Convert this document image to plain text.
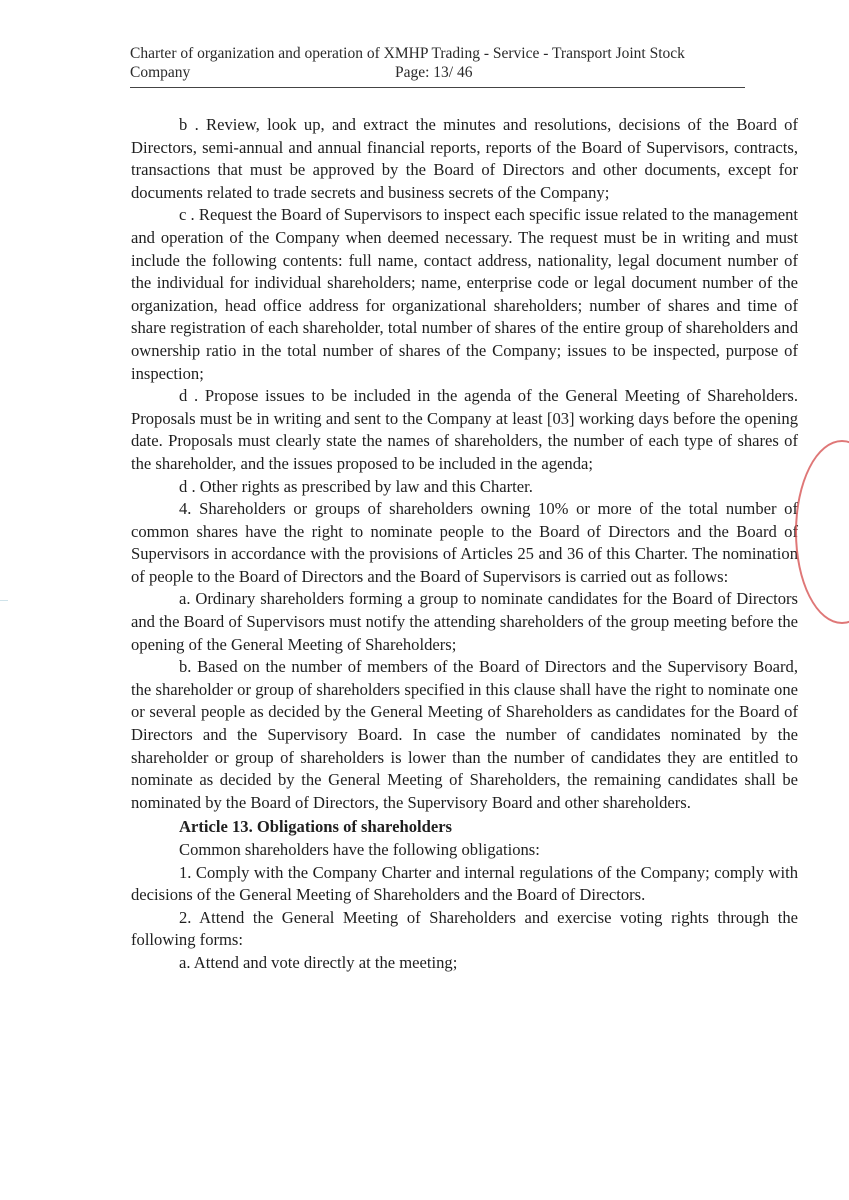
Charter of organization and operation of XMHP Trading - Service - Transport Joint Stock
Company	Page: 13/ 46

b . Review, look up, and extract the minutes and resolutions, decisions of the Board of Directors, semi-annual and annual financial reports, reports of the Board of Supervisors, contracts, transactions that must be approved by the Board of Directors and other documents, except for documents related to trade secrets and business secrets of the Company;

c . Request the Board of Supervisors to inspect each specific issue related to the management and operation of the Company when deemed necessary. The request must be in writing and must include the following contents: full name, contact address, nationality, legal document number of the individual for individual shareholders; name, enterprise code or legal document number of the organization, head office address for organizational shareholders; number of shares and time of share registration of each shareholder, total number of shares of the entire group of shareholders and ownership ratio in the total number of shares of the Company; issues to be inspected, purpose of inspection;

d . Propose issues to be included in the agenda of the General Meeting of Shareholders. Proposals must be in writing and sent to the Company at least [03] working days before the opening date. Proposals must clearly state the names of shareholders, the number of each type of shares of the shareholder, and the issues proposed to be included in the agenda;

d . Other rights as prescribed by law and this Charter.

4. Shareholders or groups of shareholders owning 10% or more of the total number of common shares have the right to nominate people to the Board of Directors and the Board of Supervisors in accordance with the provisions of Articles 25 and 36 of this Charter. The nomination of people to the Board of Directors and the Board of Supervisors is carried out as follows:

a. Ordinary shareholders forming a group to nominate candidates for the Board of Directors and the Board of Supervisors must notify the attending shareholders of the group meeting before the opening of the General Meeting of Shareholders;

b. Based on the number of members of the Board of Directors and the Supervisory Board, the shareholder or group of shareholders specified in this clause shall have the right to nominate one or several people as decided by the General Meeting of Shareholders as candidates for the Board of Directors and the Supervisory Board. In case the number of candidates nominated by the shareholder or group of shareholders is lower than the number of candidates they are entitled to nominate as decided by the General Meeting of Shareholders, the remaining candidates shall be nominated by the Board of Directors, the Supervisory Board and other shareholders.

Article 13. Obligations of shareholders

Common shareholders have the following obligations:

1. Comply with the Company Charter and internal regulations of the Company; comply with decisions of the General Meeting of Shareholders and the Board of Directors.

2. Attend the General Meeting of Shareholders and exercise voting rights through the following forms:

a. Attend and vote directly at the meeting;
